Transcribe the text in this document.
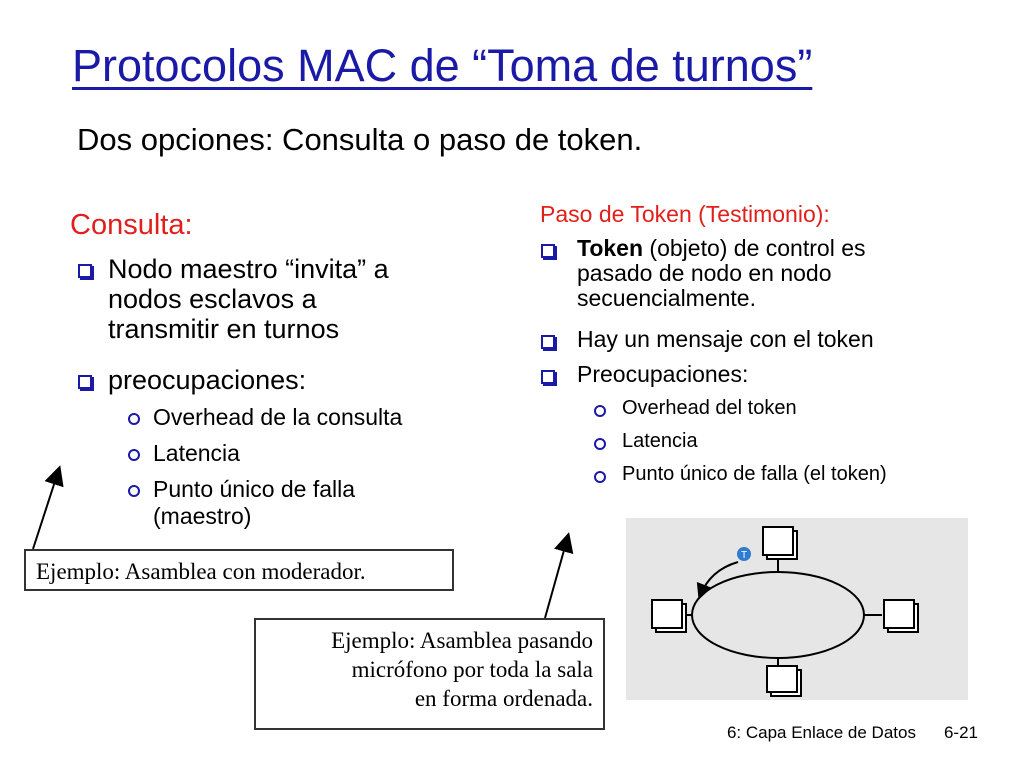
Protocolos MAC de “Toma de turnos”
Dos opciones: Consulta o paso de token.
Consulta:
Nodo maestro “invita” a
nodos esclavos a
transmitir en turnos
preocupaciones:
Overhead de la consulta
Latencia
Punto único de falla
(maestro)
Paso de Token (Testimonio):
Token (objeto) de control es
pasado de nodo en nodo
secuencialmente.
Hay un mensaje con el token
Preocupaciones:
Overhead del token
Latencia
Punto único de falla (el token)
Ejemplo: Asamblea con moderador.
Ejemplo: Asamblea pasando
micrófono por toda la sala
en forma ordenada.
T
6: Capa Enlace de Datos 6-21
